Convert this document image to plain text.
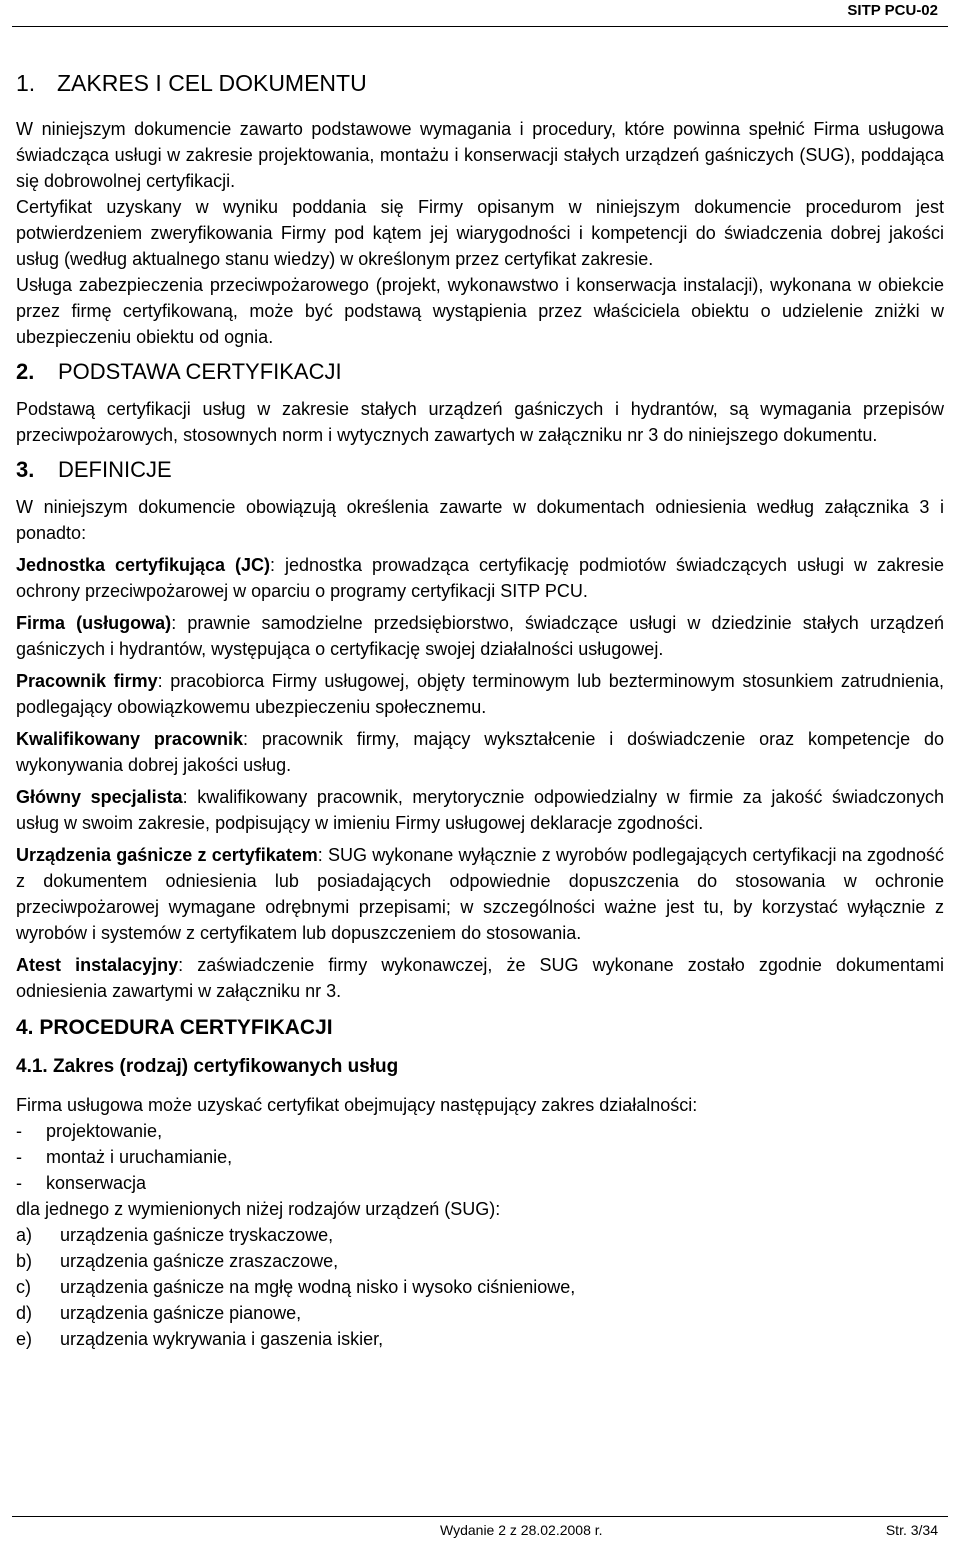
SITP PCU-02
1. ZAKRES I CEL DOKUMENTU
W niniejszym dokumencie zawarto podstawowe wymagania i procedury, które powinna spełnić Firma usługowa świadcząca usługi w zakresie projektowania, montażu i konserwacji stałych urządzeń gaśniczych (SUG), poddająca się dobrowolnej certyfikacji.
Certyfikat uzyskany w wyniku poddania się Firmy opisanym w niniejszym dokumencie procedurom jest potwierdzeniem zweryfikowania Firmy pod kątem jej wiarygodności i kompetencji do świadczenia dobrej jakości usług (według aktualnego stanu wiedzy) w określonym przez certyfikat zakresie.
Usługa zabezpieczenia przeciwpożarowego (projekt, wykonawstwo i konserwacja instalacji), wykonana w obiekcie przez firmę certyfikowaną, może być podstawą wystąpienia przez właściciela obiektu o udzielenie zniżki w ubezpieczeniu obiektu od ognia.
2. PODSTAWA CERTYFIKACJI
Podstawą certyfikacji usług w zakresie stałych urządzeń gaśniczych i hydrantów, są wymagania przepisów przeciwpożarowych, stosownych norm i wytycznych zawartych w załączniku nr 3 do niniejszego dokumentu.
3. DEFINICJE
W niniejszym dokumencie obowiązują określenia zawarte w dokumentach odniesienia według załącznika 3 i ponadto:
Jednostka certyfikująca (JC): jednostka prowadząca certyfikację podmiotów świadczących usługi w zakresie ochrony przeciwpożarowej w oparciu o programy certyfikacji SITP PCU.
Firma (usługowa): prawnie samodzielne przedsiębiorstwo, świadczące usługi w dziedzinie stałych urządzeń gaśniczych i hydrantów, występująca o certyfikację swojej działalności usługowej.
Pracownik firmy: pracobiorca Firmy usługowej, objęty terminowym lub bezterminowym stosunkiem zatrudnienia, podlegający obowiązkowemu ubezpieczeniu społecznemu.
Kwalifikowany pracownik: pracownik firmy, mający wykształcenie i doświadczenie oraz kompetencje do wykonywania dobrej jakości usług.
Główny specjalista: kwalifikowany pracownik, merytorycznie odpowiedzialny w firmie za jakość świadczonych usług w swoim zakresie, podpisujący w imieniu Firmy usługowej deklaracje zgodności.
Urządzenia gaśnicze z certyfikatem: SUG wykonane wyłącznie z wyrobów podlegających certyfikacji na zgodność z dokumentem odniesienia lub posiadających odpowiednie dopuszczenia do stosowania w ochronie przeciwpożarowej wymagane odrębnymi przepisami; w szczególności ważne jest tu, by korzystać wyłącznie z wyrobów i systemów z certyfikatem lub dopuszczeniem do stosowania.
Atest instalacyjny: zaświadczenie firmy wykonawczej, że SUG wykonane zostało zgodnie dokumentami odniesienia zawartymi w załączniku nr 3.
4. PROCEDURA CERTYFIKACJI
4.1. Zakres (rodzaj) certyfikowanych usług
Firma usługowa może uzyskać certyfikat obejmujący następujący zakres działalności:
-	projektowanie,
-	montaż i uruchamianie,
-	konserwacja
dla jednego z wymienionych niżej rodzajów urządzeń (SUG):
a)	urządzenia gaśnicze tryskaczowe,
b)	urządzenia gaśnicze zraszaczowe,
c)	urządzenia gaśnicze na mgłę wodną nisko i wysoko ciśnieniowe,
d)	urządzenia gaśnicze pianowe,
e)	urządzenia wykrywania i gaszenia iskier,
Wydanie 2 z 28.02.2008 r.	Str. 3/34
